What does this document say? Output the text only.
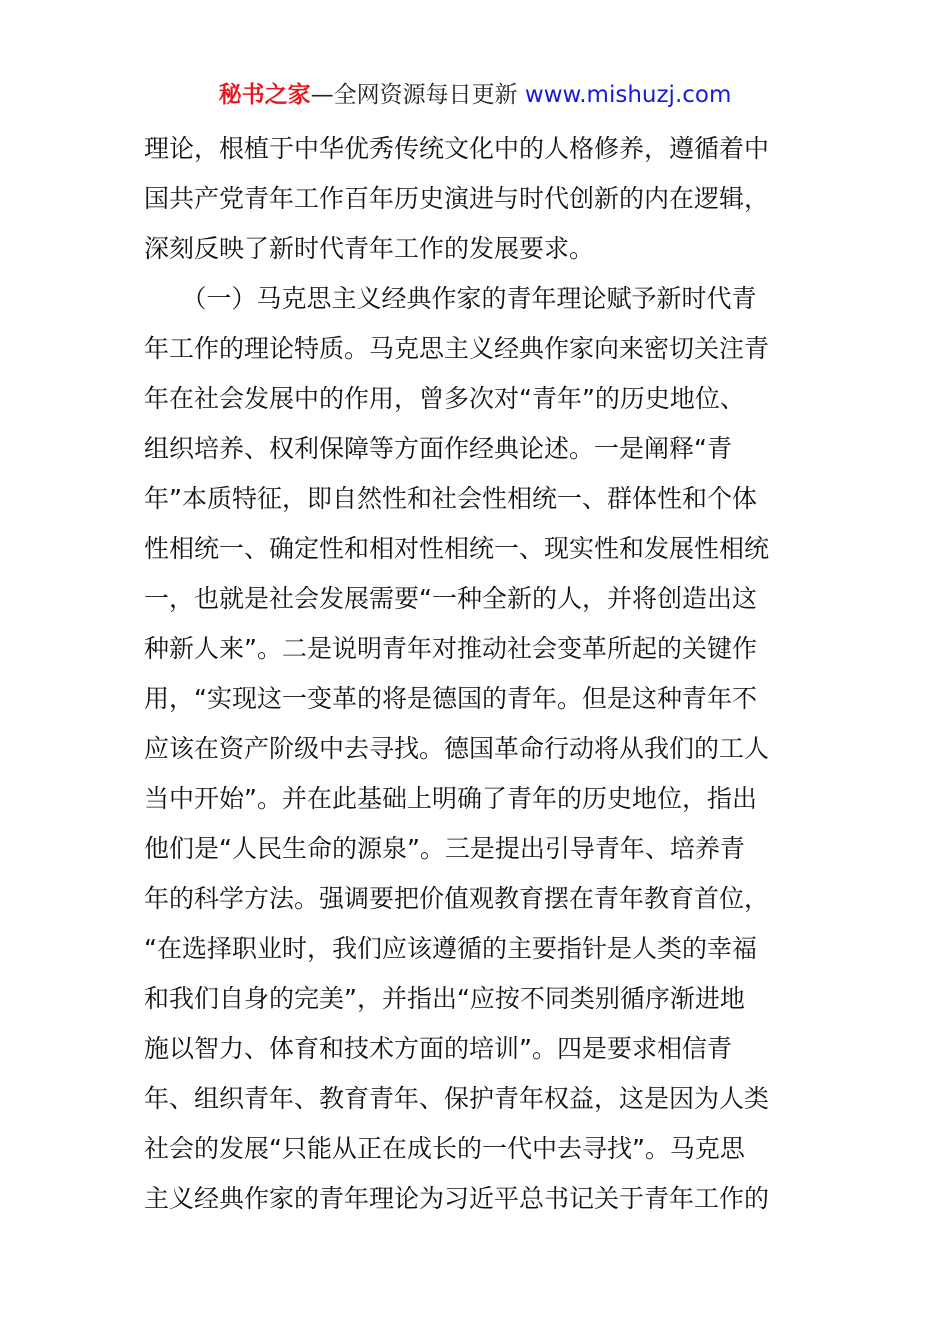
秘书之家—全网资源每日更新 www.mishuzj.com
理论，根植于中华优秀传统文化中的人格修养，遵循着中
国共产党青年工作百年历史演进与时代创新的内在逻辑，
深刻反映了新时代青年工作的发展要求。
　　（一）马克思主义经典作家的青年理论赋予新时代青
年工作的理论特质。马克思主义经典作家向来密切关注青
年在社会发展中的作用，曾多次对“青年”的历史地位、
组织培养、权利保障等方面作经典论述。一是阐释“青
年”本质特征，即自然性和社会性相统一、群体性和个体
性相统一、确定性和相对性相统一、现实性和发展性相统
一，也就是社会发展需要“一种全新的人，并将创造出这
种新人来”。二是说明青年对推动社会变革所起的关键作
用，“实现这一变革的将是德国的青年。但是这种青年不
应该在资产阶级中去寻找。德国革命行动将从我们的工人
当中开始”。并在此基础上明确了青年的历史地位，指出
他们是“人民生命的源泉”。三是提出引导青年、培养青
年的科学方法。强调要把价值观教育摆在青年教育首位，
“在选择职业时，我们应该遵循的主要指针是人类的幸福
和我们自身的完美”，并指出“应按不同类别循序渐进地
施以智力、体育和技术方面的培训”。四是要求相信青
年、组织青年、教育青年、保护青年权益，这是因为人类
社会的发展“只能从正在成长的一代中去寻找”。马克思
主义经典作家的青年理论为习近平总书记关于青年工作的
